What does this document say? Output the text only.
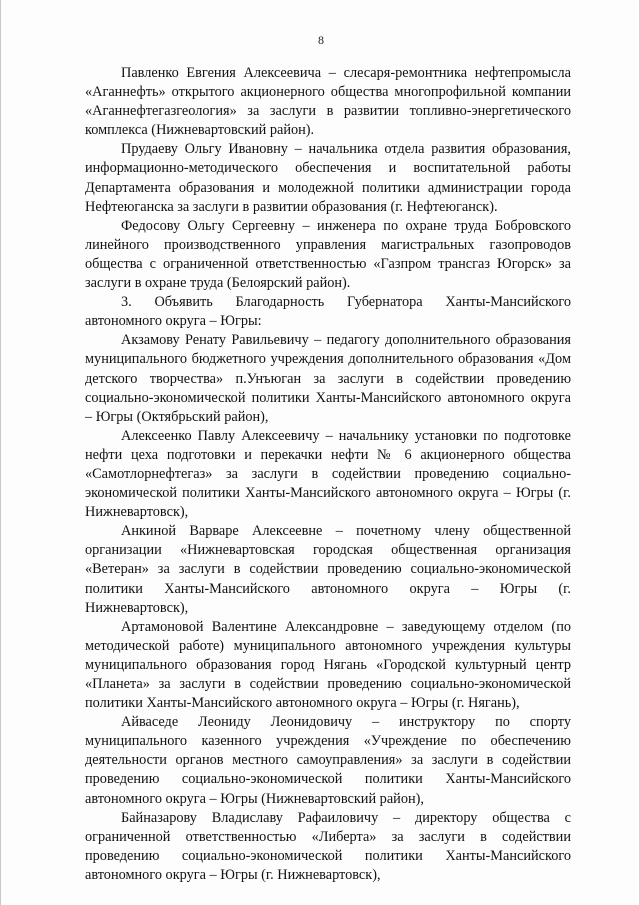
8

Павленко Евгения Алексеевича – слесаря-ремонтника нефтепромысла «Аганнефть» открытого акционерного общества многопрофильной компании «Аганнефтегазгеология» за заслуги в развитии топливно-энергетического комплекса (Нижневартовский район).

Прудаеву Ольгу Ивановну – начальника отдела развития образования, информационно-методического обеспечения и воспитательной работы Департамента образования и молодежной политики администрации города Нефтеюганска за заслуги в развитии образования (г. Нефтеюганск).

Федосову Ольгу Сергеевну – инженера по охране труда Бобровского линейного производственного управления магистральных газопроводов общества с ограниченной ответственностью «Газпром трансгаз Югорск» за заслуги в охране труда (Белоярский район).

3. Объявить Благодарность Губернатора Ханты-Мансийского автономного округа – Югры:

Акзамову Ренату Равильевичу – педагогу дополнительного образования муниципального бюджетного учреждения дополнительного образования «Дом детского творчества» п.Унъюган за заслуги в содействии проведению социально-экономической политики Ханты-Мансийского автономного округа – Югры (Октябрьский район),

Алексеенко Павлу Алексеевичу – начальнику установки по подготовке нефти цеха подготовки и перекачки нефти № 6 акционерного общества «Самотлорнефтегаз» за заслуги в содействии проведению социально-экономической политики Ханты-Мансийского автономного округа – Югры (г. Нижневартовск),

Анкиной Варваре Алексеевне – почетному члену общественной организации «Нижневартовская городская общественная организация «Ветеран» за заслуги в содействии проведению социально-экономической политики Ханты-Мансийского автономного округа – Югры (г. Нижневартовск),

Артамоновой Валентине Александровне – заведующему отделом (по методической работе) муниципального автономного учреждения культуры муниципального образования город Нягань «Городской культурный центр «Планета» за заслуги в содействии проведению социально-экономической политики Ханты-Мансийского автономного округа – Югры (г. Нягань),

Айваседе Леониду Леонидовичу – инструктору по спорту муниципального казенного учреждения «Учреждение по обеспечению деятельности органов местного самоуправления» за заслуги в содействии проведению социально-экономической политики Ханты-Мансийского автономного округа – Югры (Нижневартовский район),

Байназарову Владиславу Рафаиловичу – директору общества с ограниченной ответственностью «Либерта» за заслуги в содействии проведению социально-экономической политики Ханты-Мансийского автономного округа – Югры (г. Нижневартовск),
